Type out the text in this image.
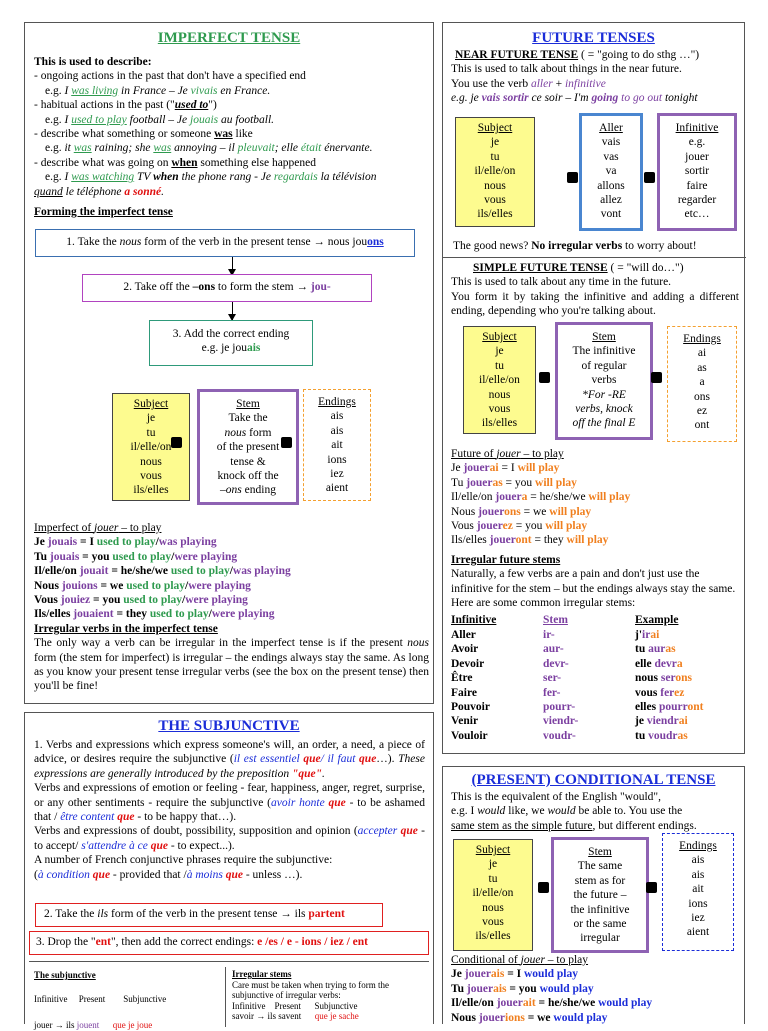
IMPERFECT TENSE
This is used to describe:
- ongoing actions in the past that don't have a specified end
e.g. I was living in France – Je vivais en France.
- habitual actions in the past ("used to")
e.g. I used to play football – Je jouais au football.
- describe what something or someone was like
e.g. it was raining; she was annoying – il pleuvait; elle était énervante.
- describe what was going on when something else happened
e.g. I was watching TV when the phone rang - Je regardais la télévision
quand le téléphone a sonné.
Forming the imperfect tense
1. Take the nous form of the verb in the present tense → nous jouons
2. Take off the –ons to form the stem → jou-
3. Add the correct ending
e.g. je jouais
Subject
je
tu
il/elle/on
nous
vous
ils/elles
Stem
Take the
nous form
of the present
tense &
knock off the
–ons ending
Endings
ais
ais
ait
ions
iez
aient
Imperfect of jouer – to play
Je jouais = I used to play/was playing
Tu jouais = you used to play/were playing
Il/elle/on jouait = he/she/we used to play/was playing
Nous jouions = we used to play/were playing
Vous jouiez = you used to play/were playing
Ils/elles jouaient = they used to play/were playing
Irregular verbs in the imperfect tense
The only way a verb can be irregular in the imperfect tense is if the present nous form (the stem for imperfect) is irregular – the endings always stay the same. As long as you know your present tense irregular verbs (see the box on the present tense) then you'll be fine!
FUTURE TENSES
NEAR FUTURE TENSE ( = "going to do sthg …")
This is used to talk about things in the near future.
You use the verb aller + infinitive
e.g. je vais sortir ce soir – I'm going to go out tonight
Subject
je
tu
il/elle/on
nous
vous
ils/elles
Aller
vais
vas
va
allons
allez
vont
Infinitive
e.g.
jouer
sortir
faire
regarder
etc…
The good news? No irregular verbs to worry about!
SIMPLE FUTURE TENSE ( = "will do…")
This is used to talk about any time in the future.
You form it by taking the infinitive and adding a different ending, depending who you're talking about.
Subject
je
tu
il/elle/on
nous
vous
ils/elles
Stem
The infinitive
of regular
verbs
*For -RE
verbs, knock
off the final E
Endings
ai
as
a
ons
ez
ont
Future of jouer – to play
Je jouerai = I will play
Tu joueras = you will play
Il/elle/on jouera = he/she/we will play
Nous jouerons = we will play
Vous jouerez = you will play
Ils/elles joueront = they will play
Irregular future stems
Naturally, a few verbs are a pain and don't just use the infinitive for the stem – but the endings always stay the same. Here are some common irregular stems:
Infinitive	Stem	Example
Aller	ir-	j'irai
Avoir	aur-	tu auras
Devoir	devr-	elle devra
Être	ser-	nous serons
Faire	fer-	vous ferez
Pouvoir	pourr-	elles pourront
Venir	viendr-	je viendrai
Vouloir	voudr-	tu voudras
THE SUBJUNCTIVE
1. Verbs and expressions which express someone's will, an order, a need, a piece of advice, or desires require the subjunctive (il est essentiel que/ il faut que…). These expressions are generally introduced by the preposition "que".
Verbs and expressions of emotion or feeling - fear, happiness, anger, regret, surprise, or any other sentiments - require the subjunctive (avoir honte que - to be ashamed that / être content que - to be happy that…).
Verbs and expressions of doubt, possibility, supposition and opinion (accepter que - to accept/ s'attendre à ce que - to expect...).
A number of French conjunctive phrases require the subjunctive:
(à condition que - provided that /à moins que - unless …).
2. Take the ils form of the verb in the present tense → ils partent
3. Drop the "ent", then add the correct endings: e /es / e - ions / iez / ent
The subjunctive
Infinitive     Present        Subjunctive
jouer → ils jouent que je joue
Irregular stems
Care must be taken when trying to form the subjunctive of irregular verbs:
Infinitive    Present      Subjunctive
savoir → ils savent      que je sache
(PRESENT) CONDITIONAL TENSE
This is the equivalent of the English "would",
e.g. I would like, we would be able to. You use the
same stem as the simple future, but different endings.
Subject
je
tu
il/elle/on
nous
vous
ils/elles
Stem
The same
stem as for
the future –
the infinitive
or the same
irregular
Endings
ais
ais
ait
ions
iez
aient
Conditional of jouer – to play
Je jouerais = I would play
Tu jouerais = you would play
Il/elle/on jouerait = he/she/we would play
Nous jouerions = we would play
